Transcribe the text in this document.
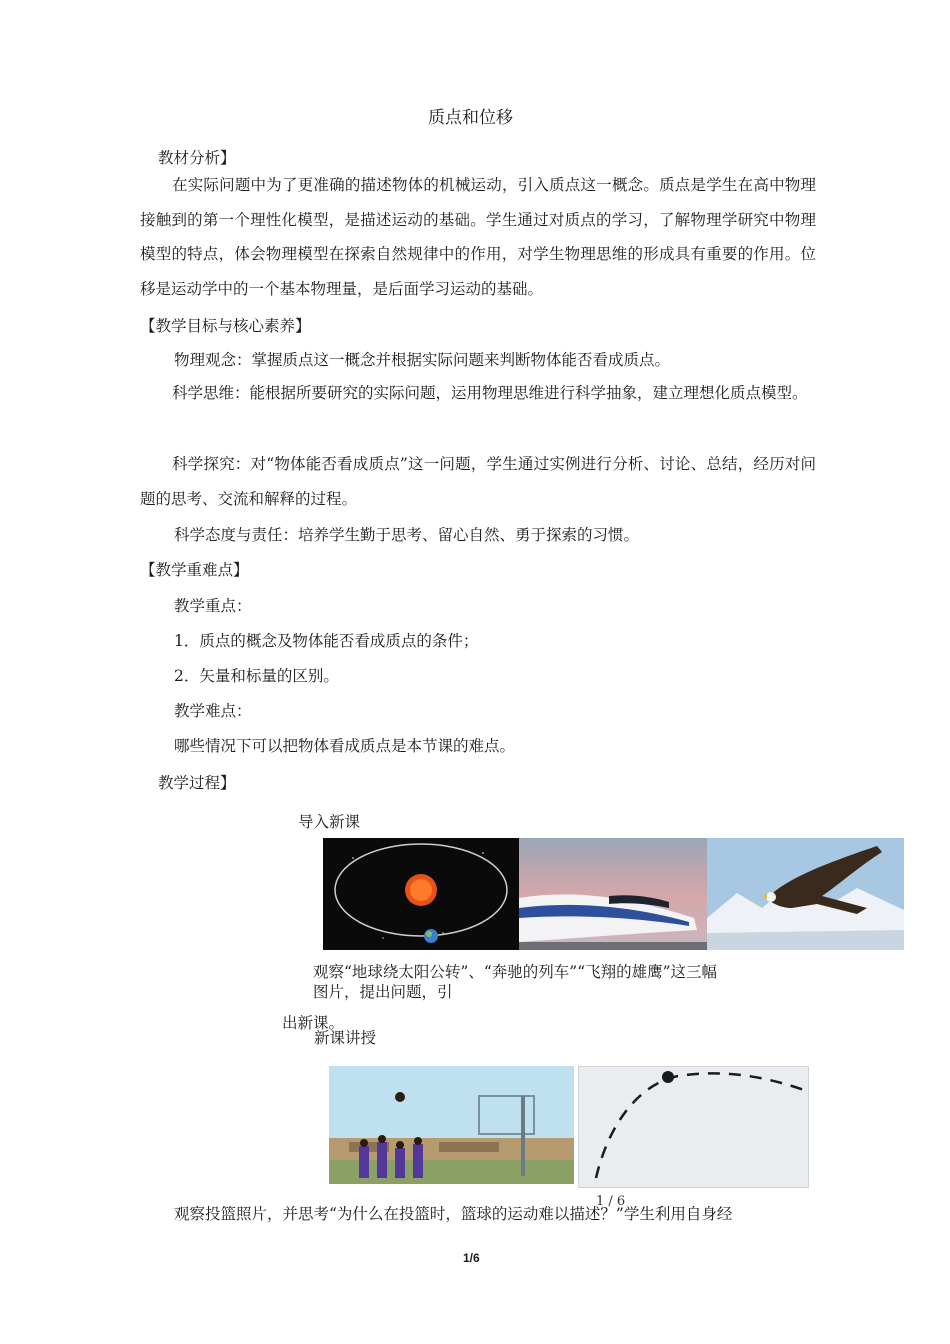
质点和位移
教材分析】
在实际问题中为了更准确的描述物体的机械运动，引入质点这一概念。质点是学生在高中物理接触到的第一个理性化模型，是描述运动的基础。学生通过对质点的学习，了解物理学研究中物理模型的特点，体会物理模型在探索自然规律中的作用，对学生物理思维的形成具有重要的作用。位移是运动学中的一个基本物理量，是后面学习运动的基础。
【教学目标与核心素养】
物理观念：掌握质点这一概念并根据实际问题来判断物体能否看成质点。
科学思维：能根据所要研究的实际问题，运用物理思维进行科学抽象，建立理想化质点模型。
科学探究：对“物体能否看成质点”这一问题，学生通过实例进行分析、讨论、总结，经历对问题的思考、交流和解释的过程。
科学态度与责任：培养学生勤于思考、留心自然、勇于探索的习惯。
【教学重难点】
教学重点：
1．质点的概念及物体能否看成质点的条件；
2．矢量和标量的区别。
教学难点：
哪些情况下可以把物体看成质点是本节课的难点。
教学过程】
导入新课
观察“地球绕太阳公转”、“奔驰的列车”“飞翔的雄鹰”这三幅
图片，提出问题，引
出新课。
新课讲授
1 / 6
观察投篮照片，并思考“为什么在投篮时，篮球的运动难以描述？”学生利用自身经
1/6
